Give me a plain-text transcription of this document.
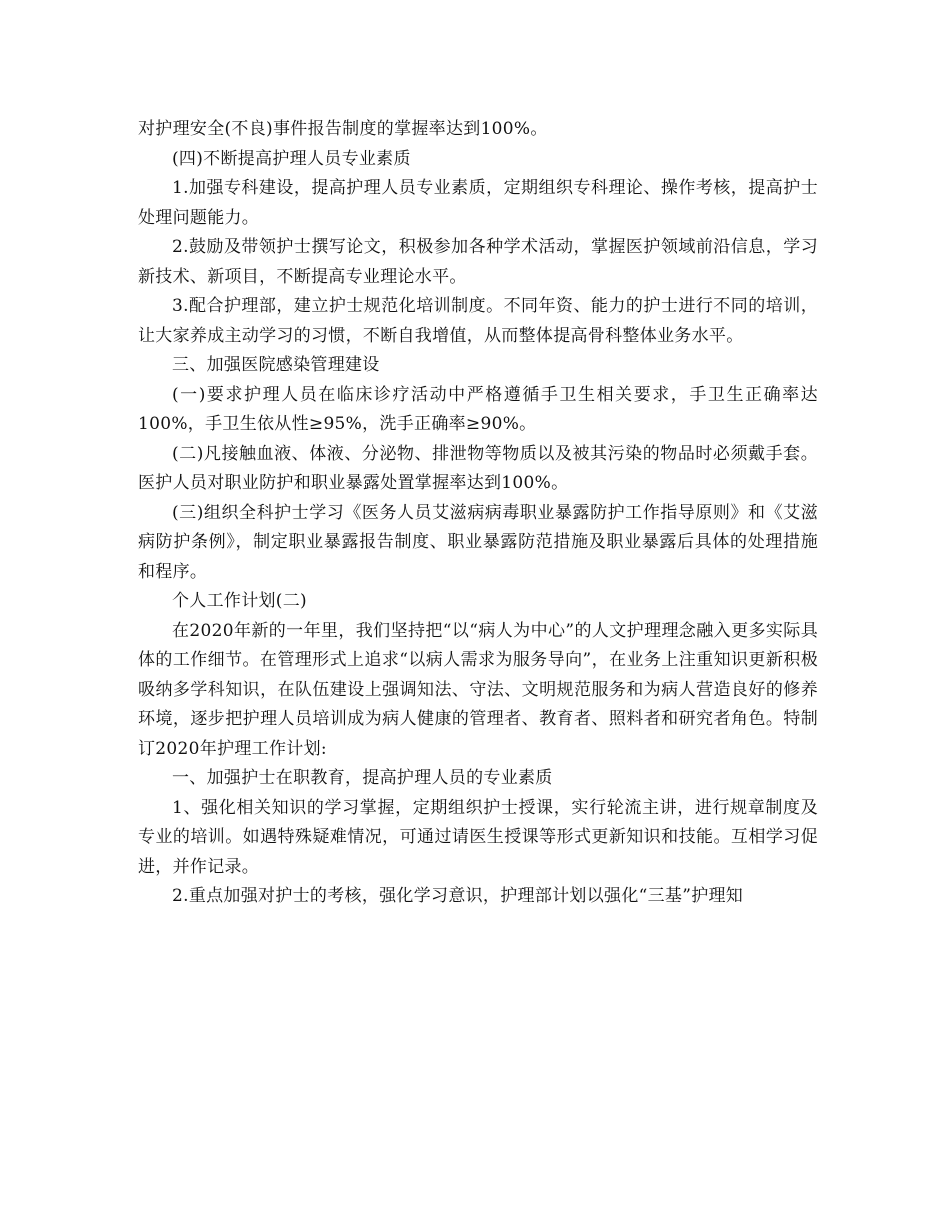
对护理安全(不良)事件报告制度的掌握率达到100%。

(四)不断提高护理人员专业素质

1.加强专科建设，提高护理人员专业素质，定期组织专科理论、操作考核，提高护士处理问题能力。

2.鼓励及带领护士撰写论文，积极参加各种学术活动，掌握医护领域前沿信息，学习新技术、新项目，不断提高专业理论水平。

3.配合护理部，建立护士规范化培训制度。不同年资、能力的护士进行不同的培训，让大家养成主动学习的习惯，不断自我增值，从而整体提高骨科整体业务水平。

三、加强医院感染管理建设

(一)要求护理人员在临床诊疗活动中严格遵循手卫生相关要求，手卫生正确率达100%，手卫生依从性≥95%，洗手正确率≥90%。

(二)凡接触血液、体液、分泌物、排泄物等物质以及被其污染的物品时必须戴手套。医护人员对职业防护和职业暴露处置掌握率达到100%。

(三)组织全科护士学习《医务人员艾滋病病毒职业暴露防护工作指导原则》和《艾滋病防护条例》，制定职业暴露报告制度、职业暴露防范措施及职业暴露后具体的处理措施和程序。

个人工作计划(二)

在2020年新的一年里，我们坚持把“以“病人为中心”的人文护理理念融入更多实际具体的工作细节。在管理形式上追求“以病人需求为服务导向”，在业务上注重知识更新积极吸纳多学科知识，在队伍建设上强调知法、守法、文明规范服务和为病人营造良好的修养环境，逐步把护理人员培训成为病人健康的管理者、教育者、照料者和研究者角色。特制订2020年护理工作计划:

一、加强护士在职教育，提高护理人员的专业素质

1、强化相关知识的学习掌握，定期组织护士授课，实行轮流主讲，进行规章制度及专业的培训。如遇特殊疑难情况，可通过请医生授课等形式更新知识和技能。互相学习促进，并作记录。

2.重点加强对护士的考核，强化学习意识，护理部计划以强化“三基”护理知
